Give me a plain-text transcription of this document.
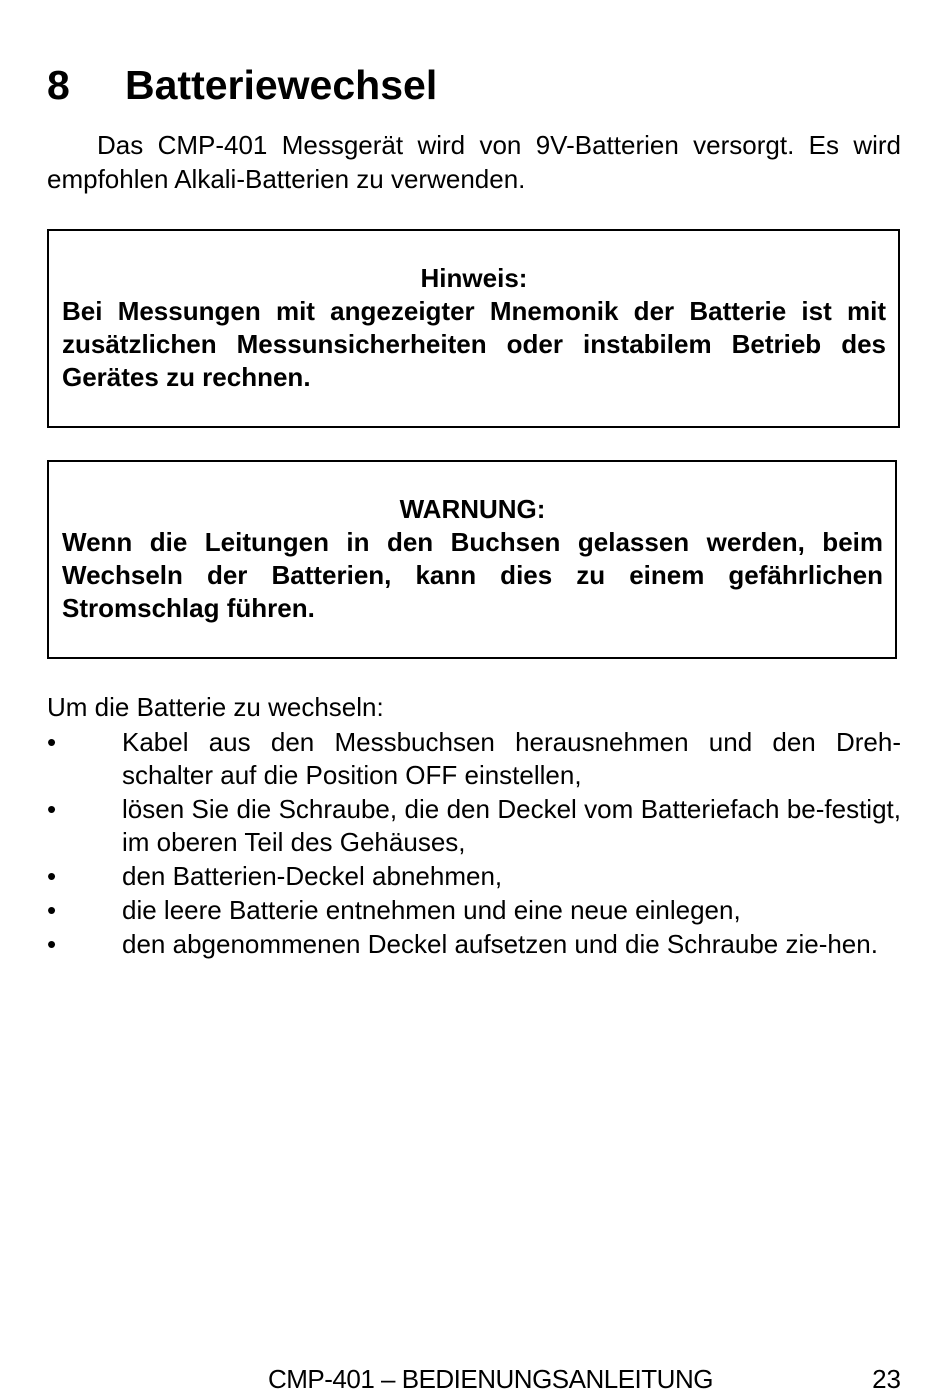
8 Batteriewechsel

Das CMP-401 Messgerät wird von 9V-Batterien versorgt. Es wird empfohlen Alkali-Batterien zu verwenden.

Hinweis:

Bei Messungen mit angezeigter Mnemonik der Batterie ist mit zusätzlichen Messunsicherheiten oder instabilem Betrieb des Gerätes zu rechnen.

WARNUNG:

Wenn die Leitungen in den Buchsen gelassen werden, beim Wechseln der Batterien, kann dies zu einem gefährlichen Stromschlag führen.

Um die Batterie zu wechseln:

•	Kabel aus den Messbuchsen herausnehmen und den Dreh-schalter auf die Position OFF einstellen,
•	lösen Sie die Schraube, die den Deckel vom Batteriefach be-festigt, im oberen Teil des Gehäuses,
•	den Batterien-Deckel abnehmen,
•	die leere Batterie entnehmen und eine neue einlegen,
•	den abgenommenen Deckel aufsetzen und die Schraube zie-hen.
CMP-401 – BEDIENUNGSANLEITUNG	23
